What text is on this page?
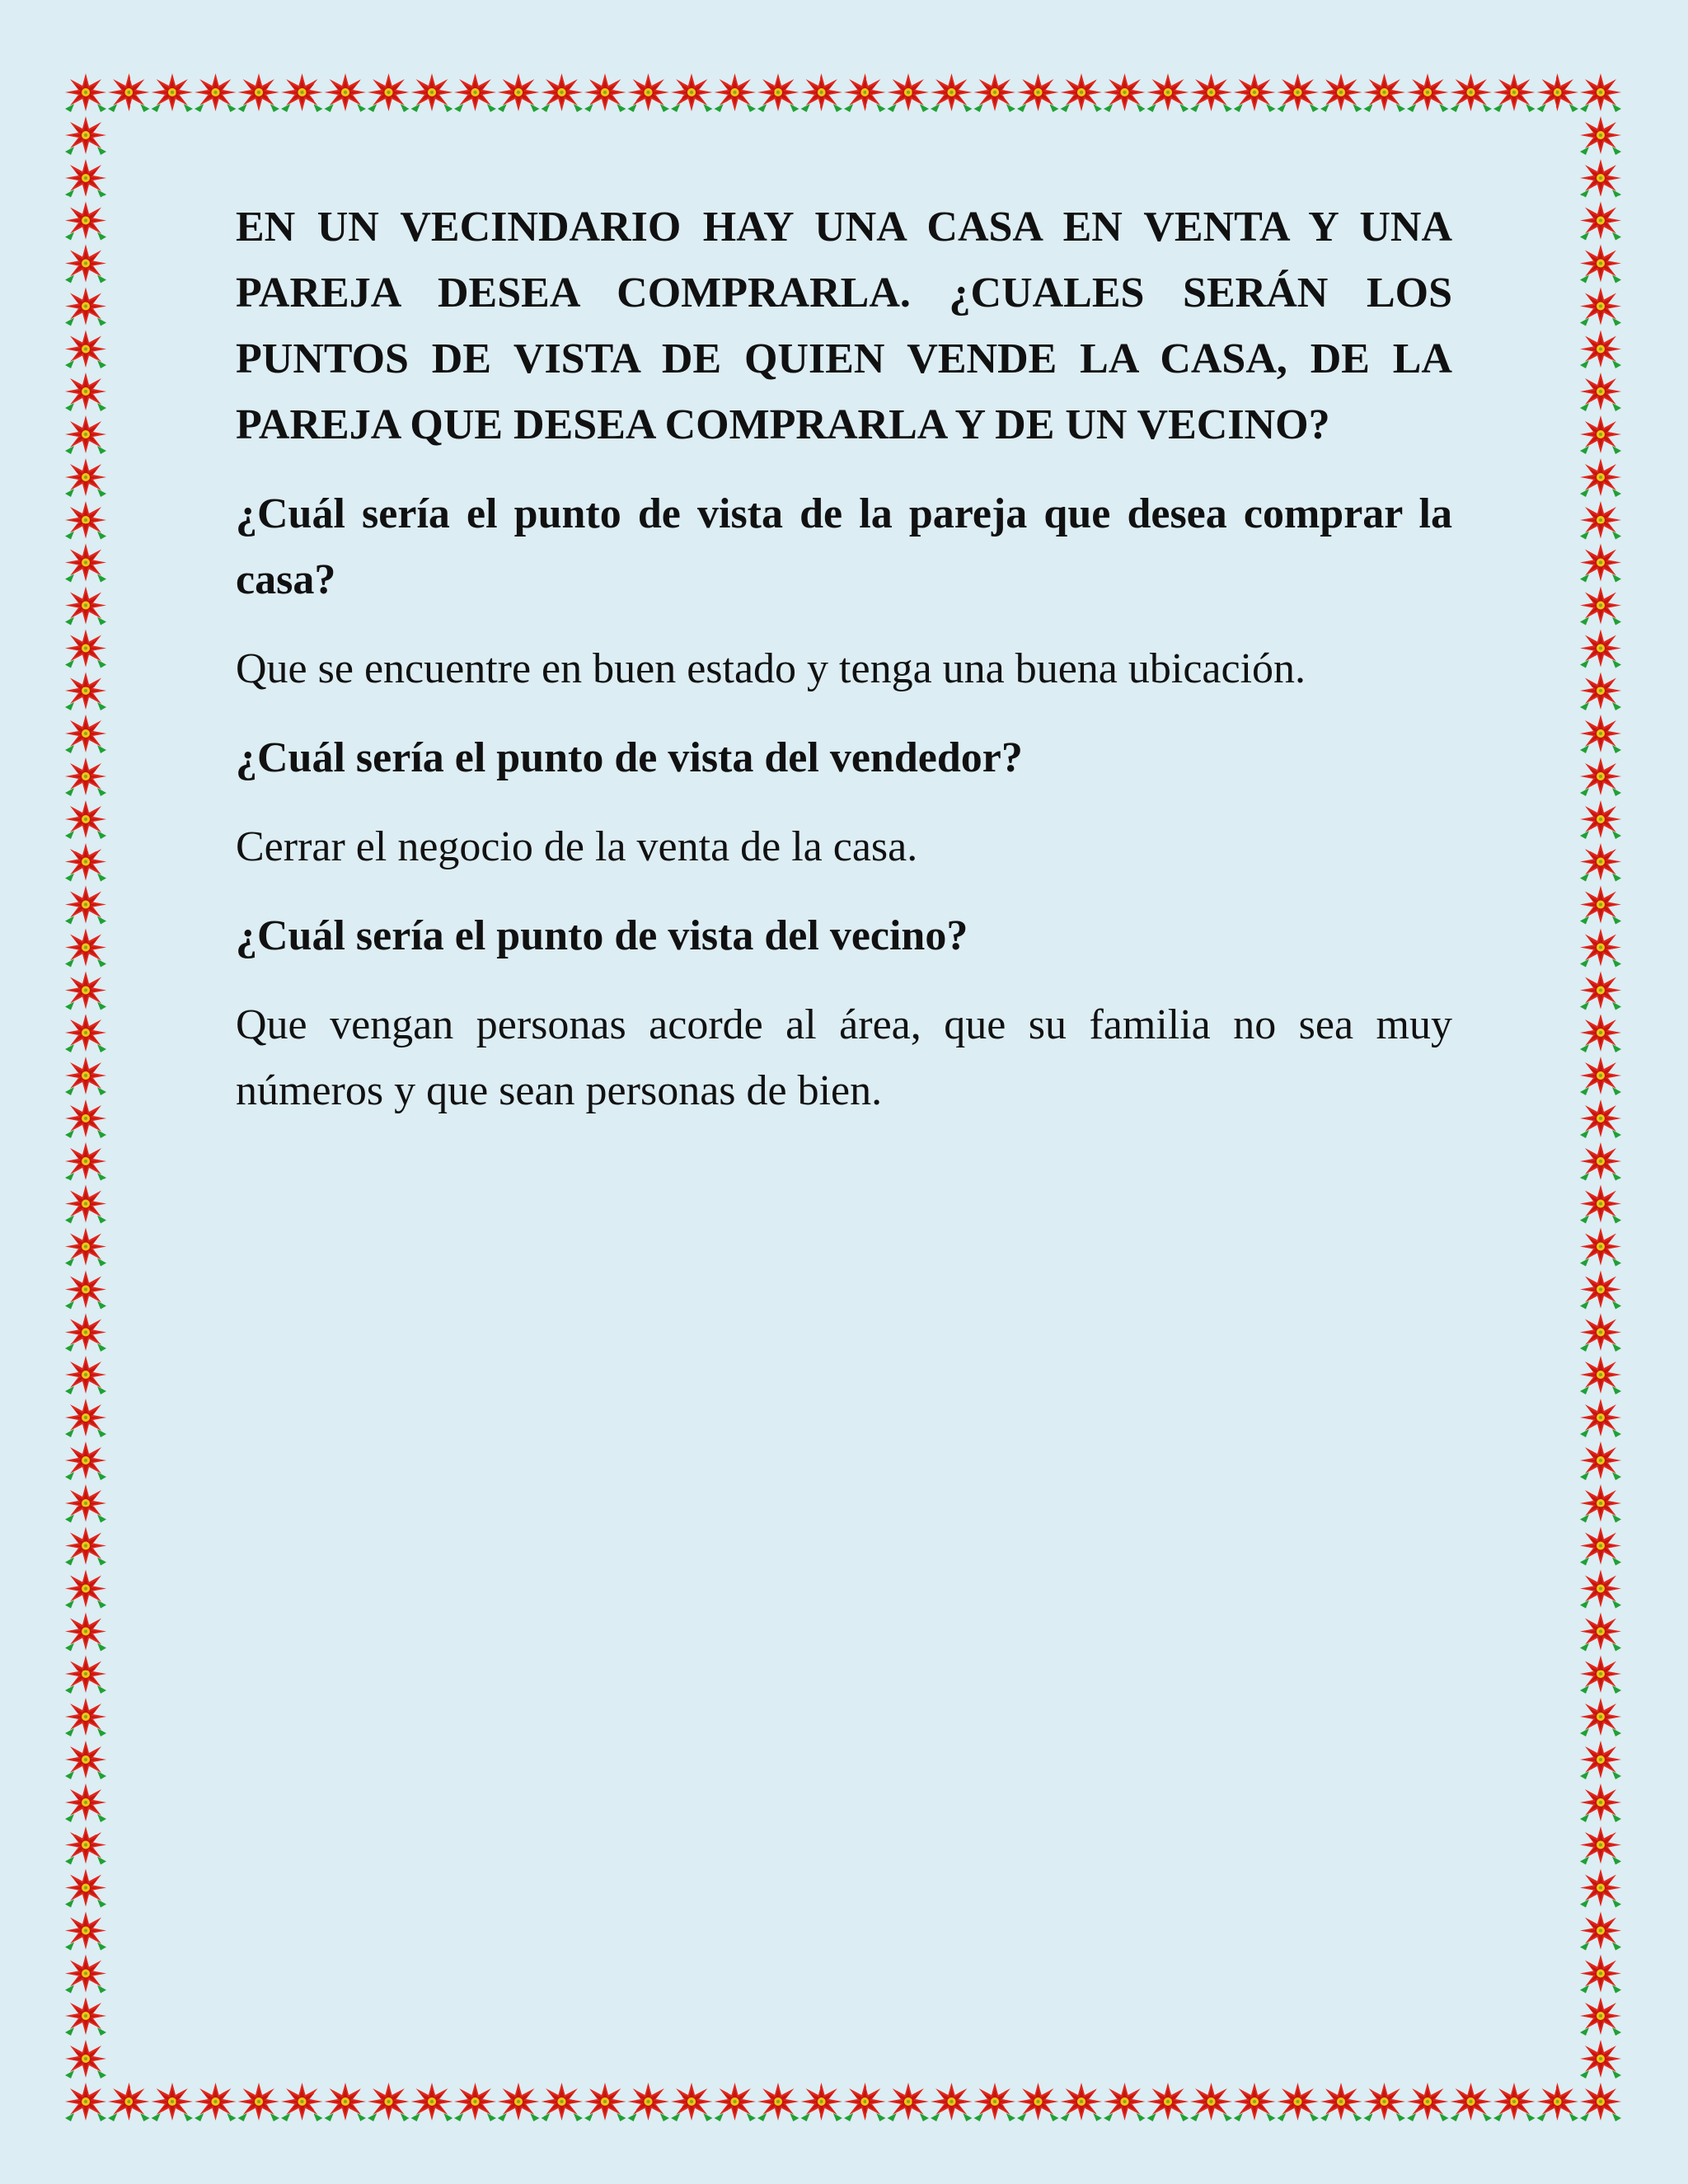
EN UN VECINDARIO HAY UNA CASA EN VENTA Y UNA PAREJA DESEA COMPRARLA. ¿CUALES SERÁN LOS PUNTOS DE VISTA DE QUIEN VENDE LA CASA, DE LA PAREJA QUE DESEA COMPRARLA Y DE UN VECINO?

¿Cuál sería el punto de vista de la pareja que desea comprar la casa?

Que se encuentre en buen estado y tenga una buena ubicación.

¿Cuál sería el punto de vista del vendedor?

Cerrar el negocio de la venta de la casa.

¿Cuál sería el punto de vista del vecino?

Que vengan personas acorde al área, que su familia no sea muy números y que sean personas de bien.
